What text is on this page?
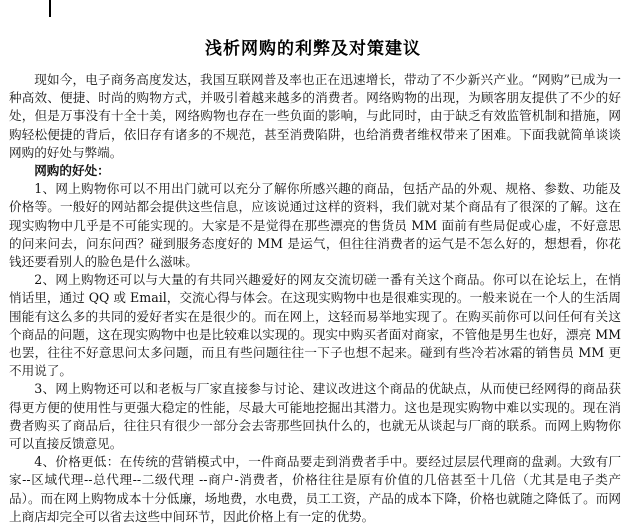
浅析网购的利弊及对策建议

现如今，电子商务高度发达，我国互联网普及率也正在迅速增长，带动了不少新兴产业。“网购”已成为一种高效、便捷、时尚的购物方式，并吸引着越来越多的消费者。网络购物的出现，为顾客朋友提供了不少的好处，但是万事没有十全十美，网络购物也存在一些负面的影响，与此同时，由于缺乏有效监管机制和措施，网购轻松便捷的背后，依旧存有诸多的不规范，甚至消费陷阱，也给消费者维权带来了困难。下面我就简单谈谈网购的好处与弊端。

网购的好处：

1、网上购物你可以不用出门就可以充分了解你所感兴趣的商品，包括产品的外观、规格、参数、功能及价格等。一般好的网站都会提供这些信息，应该说通过这样的资料，我们就对某个商品有了很深的了解。这在现实购物中几乎是不可能实现的。大家是不是觉得在那些漂亮的售货员 MM 面前有些局促或心虚，不好意思的问来问去，问东问西？碰到服务态度好的 MM 是运气，但往往消费者的运气是不怎么好的，想想看，你花钱还要看别人的脸色是什么滋味。

2、网上购物还可以与大量的有共同兴趣爱好的网友交流切磋一番有关这个商品。你可以在论坛上，在悄悄话里，通过 QQ 或 Email，交流心得与体会。在这现实购物中也是很难实现的。一般来说在一个人的生活周围能有这么多的共同的爱好者实在是很少的。而在网上，这轻而易举地实现了。在购买前你可以问任何有关这个商品的问题，这在现实购物中也是比较难以实现的。现实中购买者面对商家，不管他是男生也好，漂亮 MM 也罢，往往不好意思问太多问题，而且有些问题往往一下子也想不起来。碰到有些冷若冰霜的销售员 MM 更不用说了。

3、网上购物还可以和老板与厂家直接参与讨论、建议改进这个商品的优缺点，从而使已经网得的商品获得更方便的使用性与更强大稳定的性能，尽最大可能地挖掘出其潜力。这也是现实购物中难以实现的。现在消费者购买了商品后，往往只有很少一部分会去寄那些回执什么的，也就无从谈起与厂商的联系。而网上购物你可以直接反馈意见。

4、价格更低：在传统的营销模式中，一件商品要走到消费者手中。要经过层层代理商的盘剥。大致有厂家--区域代理--总代理--二级代理 --商户-消费者，价格往往是原有价值的几倍甚至十几倍（尤其是电子类产品）。而在网上购物成本十分低廉，场地费，水电费，员工工资，产品的成本下降，价格也就随之降低了。而网上商店却完全可以省去这些中间环节，因此价格上有一定的优势。
